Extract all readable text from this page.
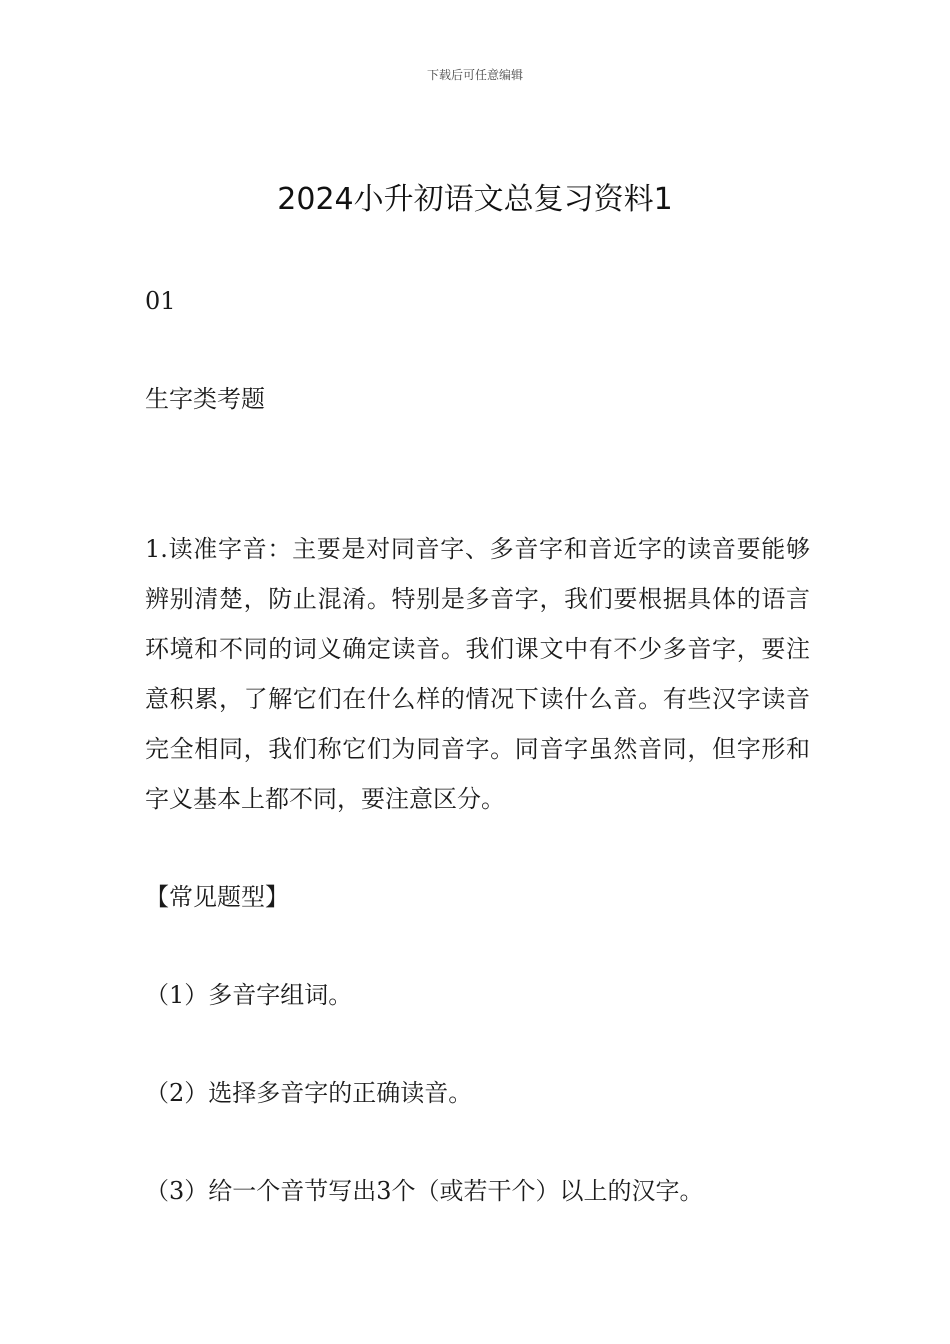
下载后可任意编辑
2024小升初语文总复习资料1
01
生字类考题

1.读准字音：主要是对同音字、多音字和音近字的读音要能够辨别清楚，防止混淆。特别是多音字，我们要根据具体的语言环境和不同的词义确定读音。我们课文中有不少多音字，要注意积累，了解它们在什么样的情况下读什么音。有些汉字读音完全相同，我们称它们为同音字。同音字虽然音同，但字形和字义基本上都不同，要注意区分。

【常见题型】
（1）多音字组词。
（2）选择多音字的正确读音。
（3）给一个音节写出3个（或若干个）以上的汉字。
